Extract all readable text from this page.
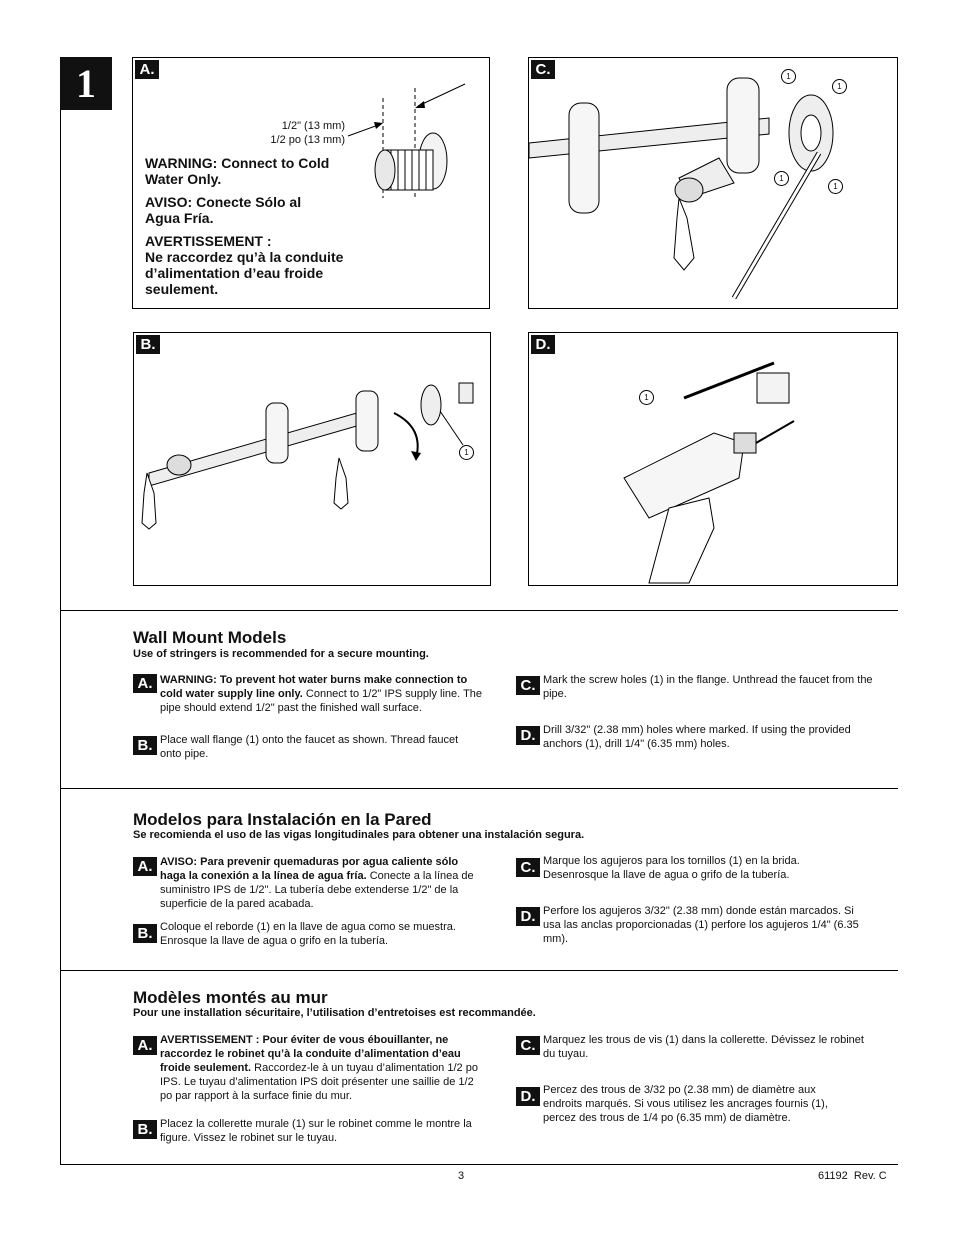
1	A.
1/2" (13 mm)
1/2 po (13 mm)
WARNING: Connect to Cold Water Only.
AVISO: Conecte Sólo al Agua Fría.
AVERTISSEMENT :
Ne raccordez qu’à la conduite d’alimentation d’eau froide seulement.
C.	1
1
1
1
B.
1
D.
1
Wall Mount Models
Use of stringers is recommended for a secure mounting.
A. WARNING: To prevent hot water burns make connection to cold water supply line only. Connect to 1/2" IPS supply line. The pipe should extend 1/2" past the finished wall surface.
B. Place wall flange (1) onto the faucet as shown. Thread faucet onto pipe.
C. Mark the screw holes (1) in the flange. Unthread the faucet from the pipe.
D. Drill 3/32" (2.38 mm) holes where marked. If using the provided anchors (1), drill 1/4" (6.35 mm) holes.
Modelos para Instalación en la Pared
Se recomienda el uso de las vigas longitudinales para obtener una instalación segura.
A. AVISO: Para prevenir quemaduras por agua caliente sólo haga la conexión a la línea de agua fría. Conecte a la línea de suministro IPS de 1/2". La tubería debe extenderse 1/2" de la superficie de la pared acabada.
B. Coloque el reborde (1) en la llave de agua como se muestra. Enrosque la llave de agua o grifo en la tubería.
C. Marque los agujeros para los tornillos (1) en la brida. Desenrosque la llave de agua o grifo de la tubería.
D. Perfore los agujeros 3/32" (2.38 mm) donde están marcados. Si usa las anclas proporcionadas (1) perfore los agujeros 1/4" (6.35 mm).
Modèles montés au mur
Pour une installation sécuritaire, l’utilisation d’entretoises est recommandée.
A. AVERTISSEMENT : Pour éviter de vous ébouillanter, ne raccordez le robinet qu’à la conduite d’alimentation d’eau froide seulement. Raccordez-le à un tuyau d’alimentation 1/2 po IPS. Le tuyau d’alimentation IPS doit présenter une saillie de 1/2 po par rapport à la surface finie du mur.
B. Placez la collerette murale (1) sur le robinet comme le montre la figure. Vissez le robinet sur le tuyau.
C. Marquez les trous de vis (1) dans la collerette. Dévissez le robinet du tuyau.
D. Percez des trous de 3/32 po (2.38 mm) de diamètre aux endroits marqués. Si vous utilisez les ancrages fournis (1), percez des trous de 1/4 po (6.35 mm) de diamètre.
3	61192  Rev. C
